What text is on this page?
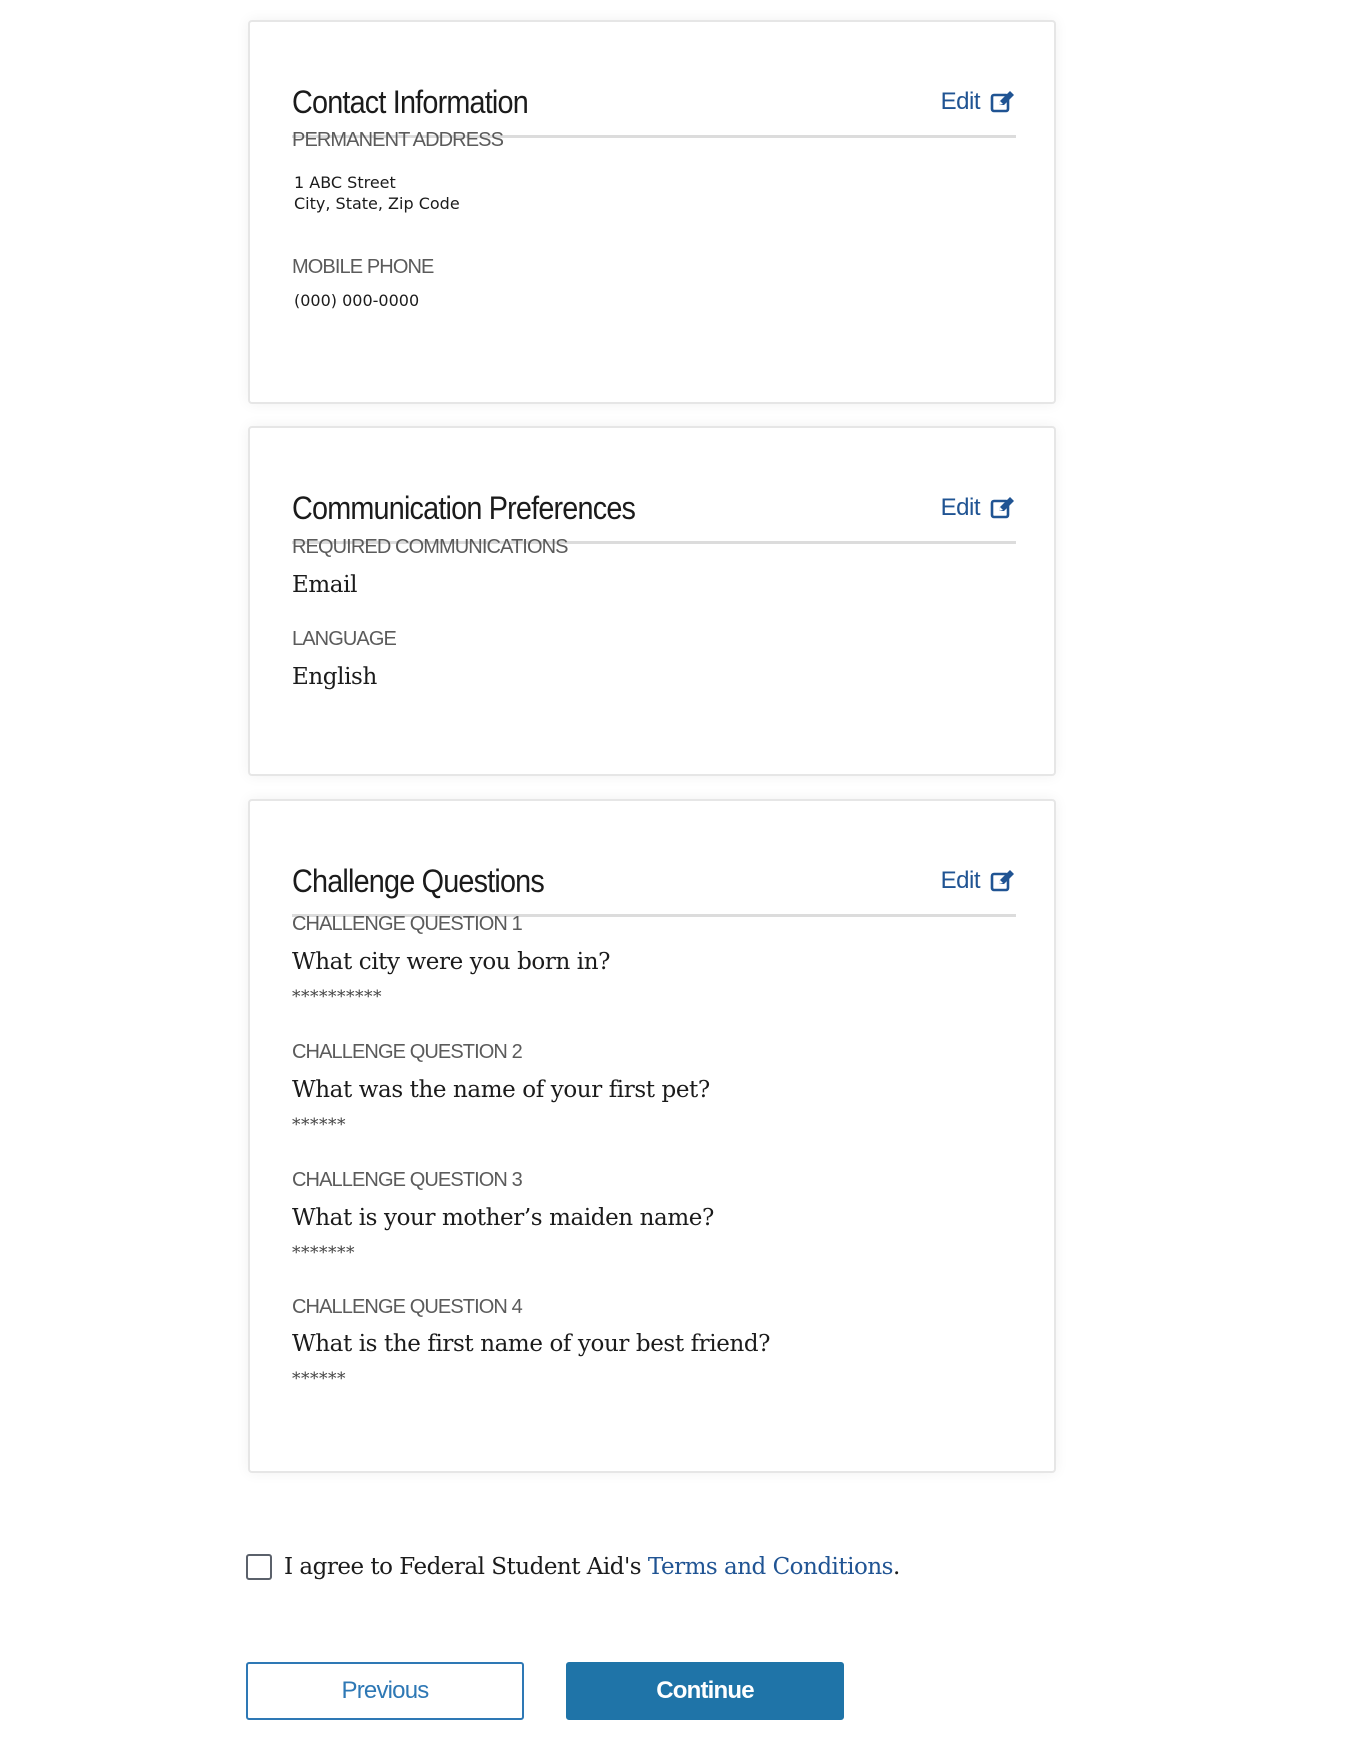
Contact Information	Edit

PERMANENT ADDRESS

1 ABC Street

City, State, Zip Code

MOBILE PHONE

(000) 000-0000

Communication Preferences	Edit

REQUIRED COMMUNICATIONS

Email

LANGUAGE

English

Challenge Questions	Edit

CHALLENGE QUESTION 1

What city were you born in?

**********

CHALLENGE QUESTION 2

What was the name of your first pet?

******

CHALLENGE QUESTION 3

What is your mother’s maiden name?

*******

CHALLENGE QUESTION 4

What is the first name of your best friend?

******

I agree to Federal Student Aid's Terms and Conditions.
Previous	Continue
